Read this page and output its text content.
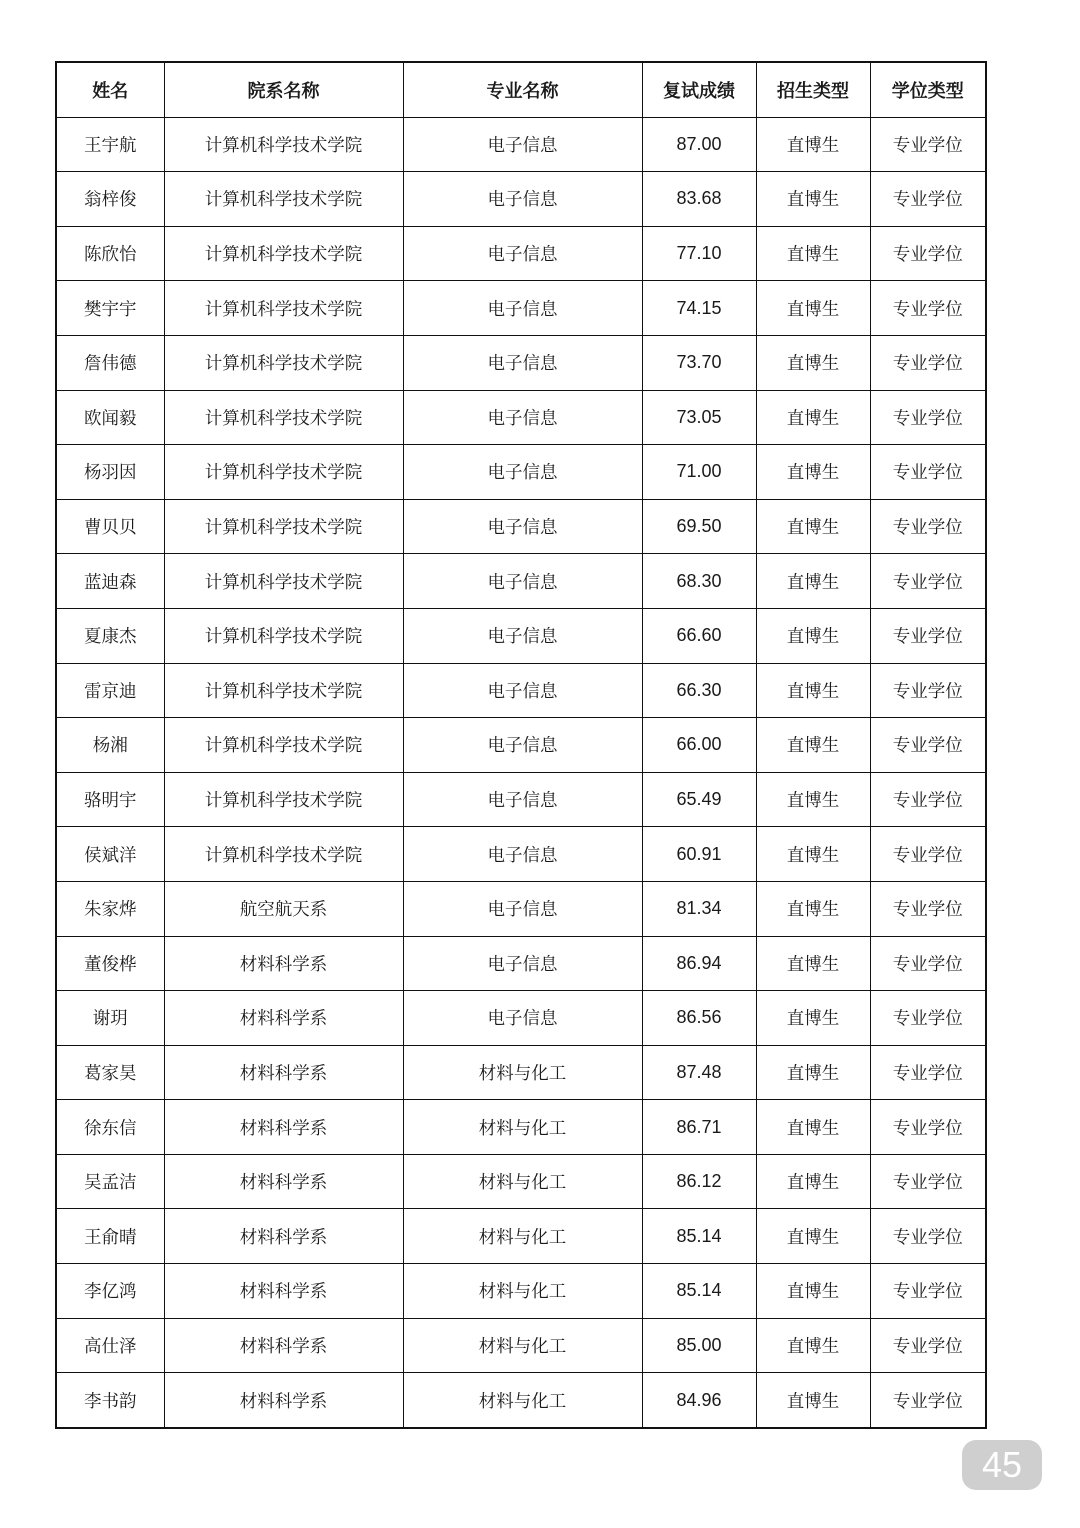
姓名	院系名称	专业名称	复试成绩	招生类型	学位类型
王宇航	计算机科学技术学院	电子信息	87.00	直博生	专业学位
翁梓俊	计算机科学技术学院	电子信息	83.68	直博生	专业学位
陈欣怡	计算机科学技术学院	电子信息	77.10	直博生	专业学位
樊宇宇	计算机科学技术学院	电子信息	74.15	直博生	专业学位
詹伟德	计算机科学技术学院	电子信息	73.70	直博生	专业学位
欧闻毅	计算机科学技术学院	电子信息	73.05	直博生	专业学位
杨羽因	计算机科学技术学院	电子信息	71.00	直博生	专业学位
曹贝贝	计算机科学技术学院	电子信息	69.50	直博生	专业学位
蓝迪森	计算机科学技术学院	电子信息	68.30	直博生	专业学位
夏康杰	计算机科学技术学院	电子信息	66.60	直博生	专业学位
雷京迪	计算机科学技术学院	电子信息	66.30	直博生	专业学位
杨湘	计算机科学技术学院	电子信息	66.00	直博生	专业学位
骆明宇	计算机科学技术学院	电子信息	65.49	直博生	专业学位
侯斌洋	计算机科学技术学院	电子信息	60.91	直博生	专业学位
朱家烨	航空航天系	电子信息	81.34	直博生	专业学位
董俊桦	材料科学系	电子信息	86.94	直博生	专业学位
谢玥	材料科学系	电子信息	86.56	直博生	专业学位
葛家昊	材料科学系	材料与化工	87.48	直博生	专业学位
徐东信	材料科学系	材料与化工	86.71	直博生	专业学位
吴孟洁	材料科学系	材料与化工	86.12	直博生	专业学位
王俞晴	材料科学系	材料与化工	85.14	直博生	专业学位
李亿鸿	材料科学系	材料与化工	85.14	直博生	专业学位
高仕泽	材料科学系	材料与化工	85.00	直博生	专业学位
李书韵	材料科学系	材料与化工	84.96	直博生	专业学位
45
